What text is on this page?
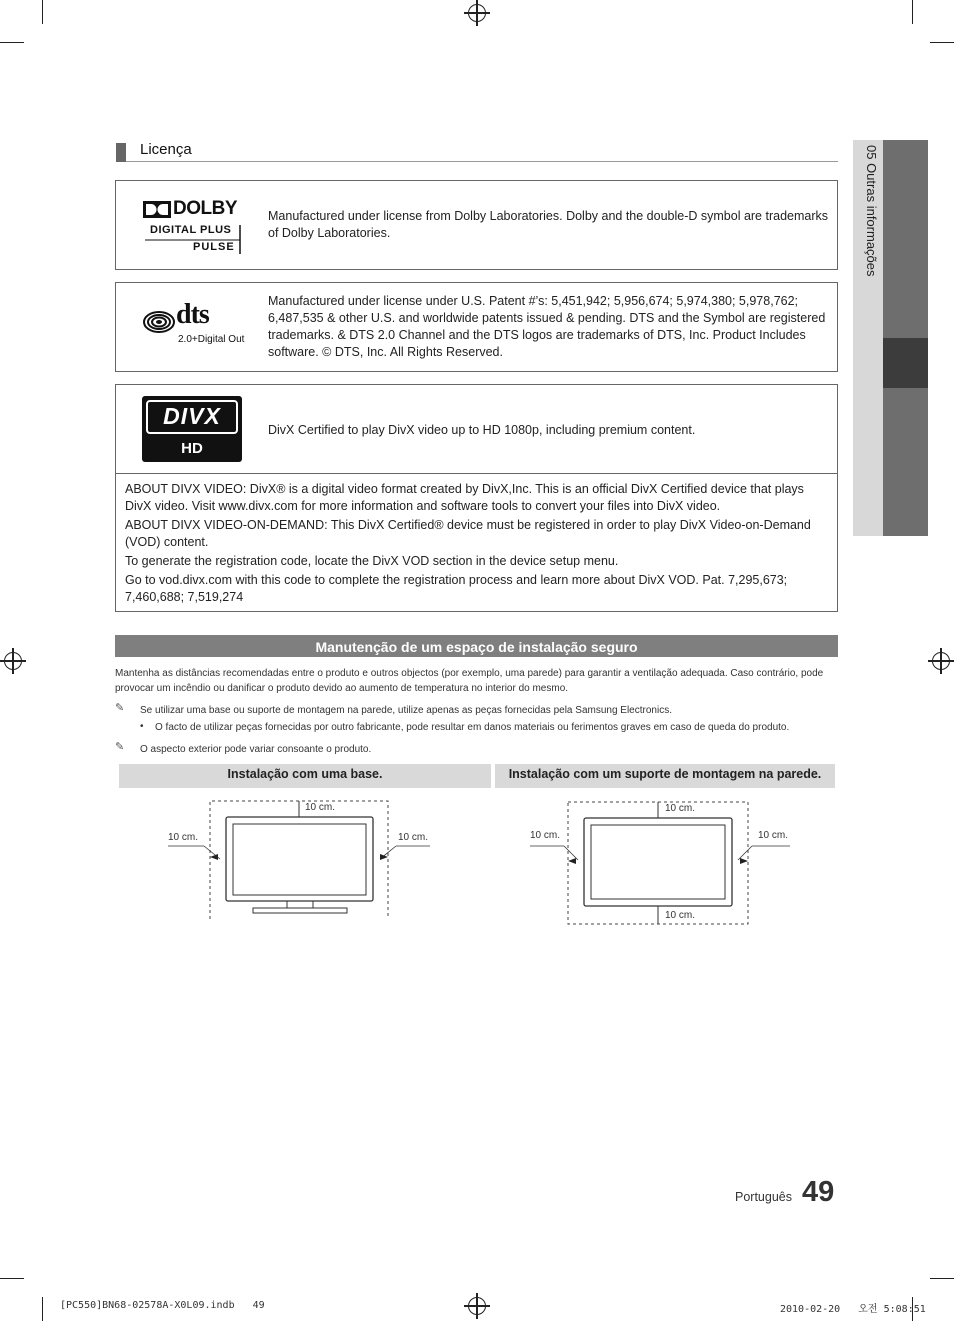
05 Outras informações
Licença
DOLBY
DIGITAL PLUS
PULSE
Manufactured under license from Dolby Laboratories. Dolby and the double-D symbol are trademarks of Dolby Laboratories.
dts
2.0+Digital Out
Manufactured under license under U.S. Patent #’s: 5,451,942; 5,956,674; 5,974,380; 5,978,762; 6,487,535 & other U.S. and worldwide patents issued & pending. DTS and the Symbol are registered trademarks. & DTS 2.0 Channel and the DTS logos are trademarks of DTS, Inc. Product Includes software. © DTS, Inc. All Rights Reserved.
DIVX
HD
DivX Certified to play DivX video up to HD 1080p, including premium content.

ABOUT DIVX VIDEO: DivX® is a digital video format created by DivX,Inc. This is an official DivX Certified device that plays DivX video. Visit www.divx.com for more information and software tools to convert your files into DivX video.

ABOUT DIVX VIDEO-ON-DEMAND: This DivX Certified® device must be registered in order to play DivX Video-on-Demand (VOD) content.

To generate the registration code, locate the DivX VOD section in the device setup menu.

Go to vod.divx.com with this code to complete the registration process and learn more about DivX VOD. Pat. 7,295,673; 7,460,688; 7,519,274

Manutenção de um espaço de instalação seguro
Mantenha as distâncias recomendadas entre o produto e outros objectos (por exemplo, uma parede) para garantir a ventilação adequada. Caso contrário, pode provocar um incêndio ou danificar o produto devido ao aumento de temperatura no interior do mesmo.
✎ Se utilizar uma base ou suporte de montagem na parede, utilize apenas as peças fornecidas pela Samsung Electronics.
• O facto de utilizar peças fornecidas por outro fabricante, pode resultar em danos materiais ou ferimentos graves em caso de queda do produto.
✎ O aspecto exterior pode variar consoante o produto.
Instalação com uma base.	Instalação com um suporte de montagem na parede.
10 cm.
10 cm.	10 cm.
10 cm.
10 cm.	10 cm.
10 cm.
Português 49
[PC550]BN68-02578A-X0L09.indb   49	2010-02-20   오전 5:08:51
